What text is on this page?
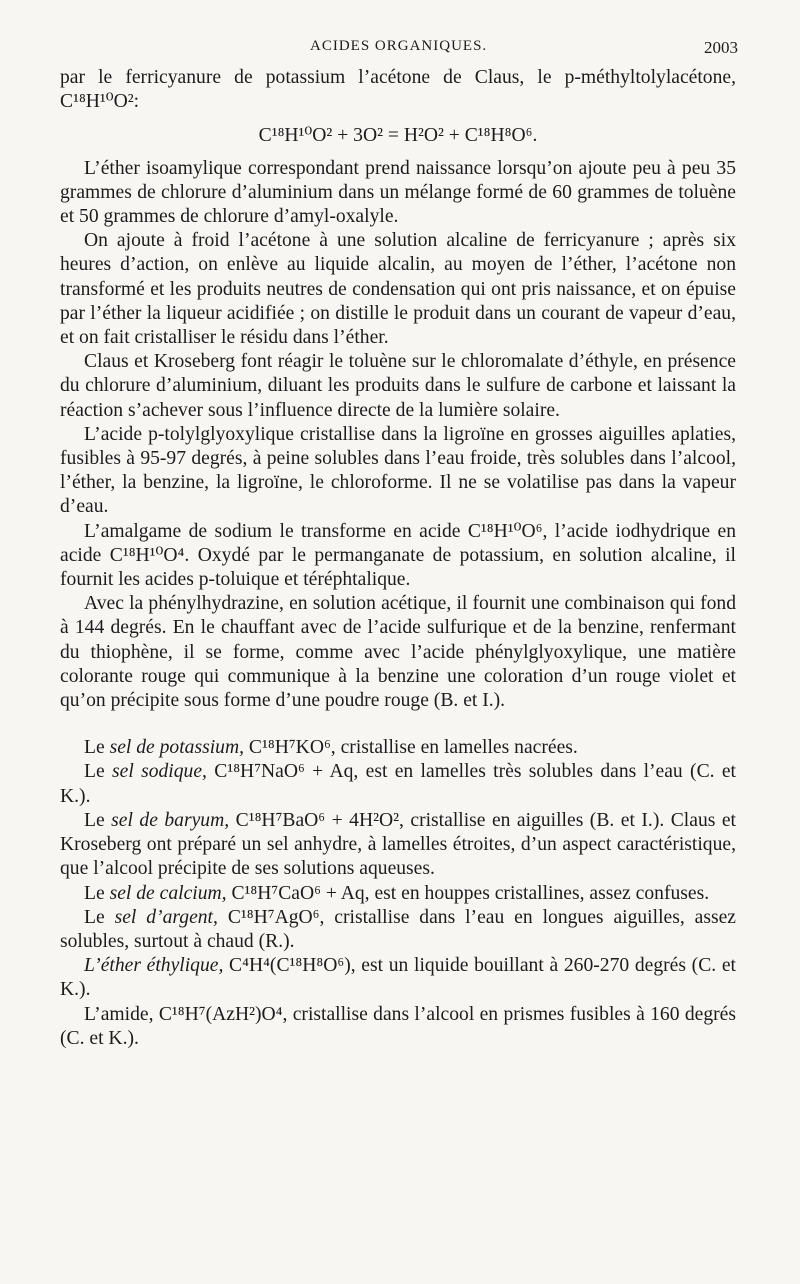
ACIDES ORGANIQUES.	2003

par le ferricyanure de potassium l’acétone de Claus, le p-méthyltolylacétone, C¹⁸H¹⁰O²:

C¹⁸H¹⁰O² + 3O² = H²O² + C¹⁸H⁸O⁶.

L’éther isoamylique correspondant prend naissance lorsqu’on ajoute peu à peu 35 grammes de chlorure d’aluminium dans un mélange formé de 60 grammes de toluène et 50 grammes de chlorure d’amyl-oxalyle.

On ajoute à froid l’acétone à une solution alcaline de ferricyanure ; après six heures d’action, on enlève au liquide alcalin, au moyen de l’éther, l’acétone non transformé et les produits neutres de condensation qui ont pris naissance, et on épuise par l’éther la liqueur acidifiée ; on distille le produit dans un courant de vapeur d’eau, et on fait cristalliser le résidu dans l’éther.

Claus et Kroseberg font réagir le toluène sur le chloromalate d’éthyle, en présence du chlorure d’aluminium, diluant les produits dans le sulfure de carbone et laissant la réaction s’achever sous l’influence directe de la lumière solaire.

L’acide p-tolylglyoxylique cristallise dans la ligroïne en grosses aiguilles aplaties, fusibles à 95-97 degrés, à peine solubles dans l’eau froide, très solubles dans l’alcool, l’éther, la benzine, la ligroïne, le chloroforme. Il ne se volatilise pas dans la vapeur d’eau.

L’amalgame de sodium le transforme en acide C¹⁸H¹⁰O⁶, l’acide iodhydrique en acide C¹⁸H¹⁰O⁴. Oxydé par le permanganate de potassium, en solution alcaline, il fournit les acides p-toluique et téréphtalique.

Avec la phénylhydrazine, en solution acétique, il fournit une combinaison qui fond à 144 degrés. En le chauffant avec de l’acide sulfurique et de la benzine, renfermant du thiophène, il se forme, comme avec l’acide phénylglyoxylique, une matière colorante rouge qui communique à la benzine une coloration d’un rouge violet et qu’on précipite sous forme d’une poudre rouge (B. et I.).

Le sel de potassium, C¹⁸H⁷KO⁶, cristallise en lamelles nacrées.

Le sel sodique, C¹⁸H⁷NaO⁶ + Aq, est en lamelles très solubles dans l’eau (C. et K.).

Le sel de baryum, C¹⁸H⁷BaO⁶ + 4H²O², cristallise en aiguilles (B. et I.). Claus et Kroseberg ont préparé un sel anhydre, à lamelles étroites, d’un aspect caractéristique, que l’alcool précipite de ses solutions aqueuses.

Le sel de calcium, C¹⁸H⁷CaO⁶ + Aq, est en houppes cristallines, assez confuses.

Le sel d’argent, C¹⁸H⁷AgO⁶, cristallise dans l’eau en longues aiguilles, assez solubles, surtout à chaud (R.).

L’éther éthylique, C⁴H⁴(C¹⁸H⁸O⁶), est un liquide bouillant à 260-270 degrés (C. et K.).

L’amide, C¹⁸H⁷(AzH²)O⁴, cristallise dans l’alcool en prismes fusibles à 160 degrés (C. et K.).
